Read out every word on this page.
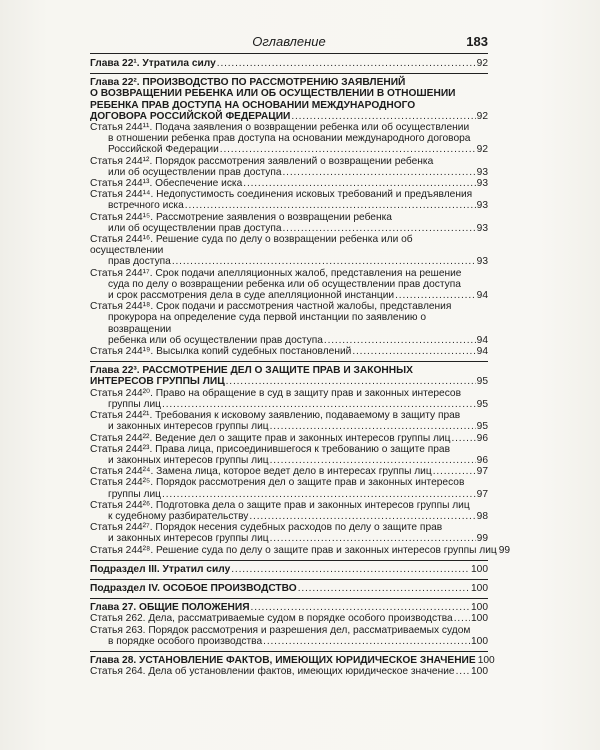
Оглавление	183
Глава 22¹. Утратила силу . . .	92
Глава 22². ПРОИЗВОДСТВО ПО РАССМОТРЕНИЮ ЗАЯВЛЕНИЙ
О ВОЗВРАЩЕНИИ РЕБЕНКА ИЛИ ОБ ОСУЩЕСТВЛЕНИИ В ОТНОШЕНИИ
РЕБЕНКА ПРАВ ДОСТУПА НА ОСНОВАНИИ МЕЖДУНАРОДНОГО
ДОГОВОРА РОССИЙСКОЙ ФЕДЕРАЦИИ . . .	92
Статья 244¹¹. Подача заявления о возвращении ребенка или об осуществлении
в отношении ребенка прав доступа на основании международного договора
Российской Федерации . . .	92
Статья 244¹². Порядок рассмотрения заявлений о возвращении ребенка
или об осуществлении прав доступа . . .	93
Статья 244¹³. Обеспечение иска . . .	93
Статья 244¹⁴. Недопустимость соединения исковых требований и предъявления
встречного иска . . .	93
Статья 244¹⁵. Рассмотрение заявления о возвращении ребенка
или об осуществлении прав доступа . . .	93
Статья 244¹⁶. Решение суда по делу о возвращении ребенка или об осуществлении
прав доступа . . .	93
Статья 244¹⁷. Срок подачи апелляционных жалоб, представления на решение
суда по делу о возвращении ребенка или об осуществлении прав доступа
и срок рассмотрения дела в суде апелляционной инстанции . . .	94
Статья 244¹⁸. Срок подачи и рассмотрения частной жалобы, представления
прокурора на определение суда первой инстанции по заявлению о возвращении
ребенка или об осуществлении прав доступа . . .	94
Статья 244¹⁹. Высылка копий судебных постановлений . . .	94
Глава 22³. РАССМОТРЕНИЕ ДЕЛ О ЗАЩИТЕ ПРАВ И ЗАКОННЫХ
ИНТЕРЕСОВ ГРУППЫ ЛИЦ . . .	95
Статья 244²⁰. Право на обращение в суд в защиту прав и законных интересов
группы лиц . . .	95
Статья 244²¹. Требования к исковому заявлению, подаваемому в защиту прав
и законных интересов группы лиц . . .	95
Статья 244²². Ведение дел о защите прав и законных интересов группы лиц . . .	96
Статья 244²³. Права лица, присоединившегося к требованию о защите прав
и законных интересов группы лиц . . .	96
Статья 244²⁴. Замена лица, которое ведет дело в интересах группы лиц . . .	97
Статья 244²⁵. Порядок рассмотрения дел о защите прав и законных интересов
группы лиц . . .	97
Статья 244²⁶. Подготовка дела о защите прав и законных интересов группы лиц
к судебному разбирательству . . .	98
Статья 244²⁷. Порядок несения судебных расходов по делу о защите прав
и законных интересов группы лиц . . .	99
Статья 244²⁸. Решение суда по делу о защите прав и законных интересов группы лиц 99
Подраздел III. Утратил силу . . .	100
Подраздел IV. ОСОБОЕ ПРОИЗВОДСТВО . . .	100
Глава 27. ОБЩИЕ ПОЛОЖЕНИЯ . . .	100
Статья 262. Дела, рассматриваемые судом в порядке особого производства . . . 100
Статья 263. Порядок рассмотрения и разрешения дел, рассматриваемых судом
в порядке особого производства . . .	100
Глава 28. УСТАНОВЛЕНИЕ ФАКТОВ, ИМЕЮЩИХ ЮРИДИЧЕСКОЕ ЗНАЧЕНИЕ 100
Статья 264. Дела об установлении фактов, имеющих юридическое значение . . . 100
